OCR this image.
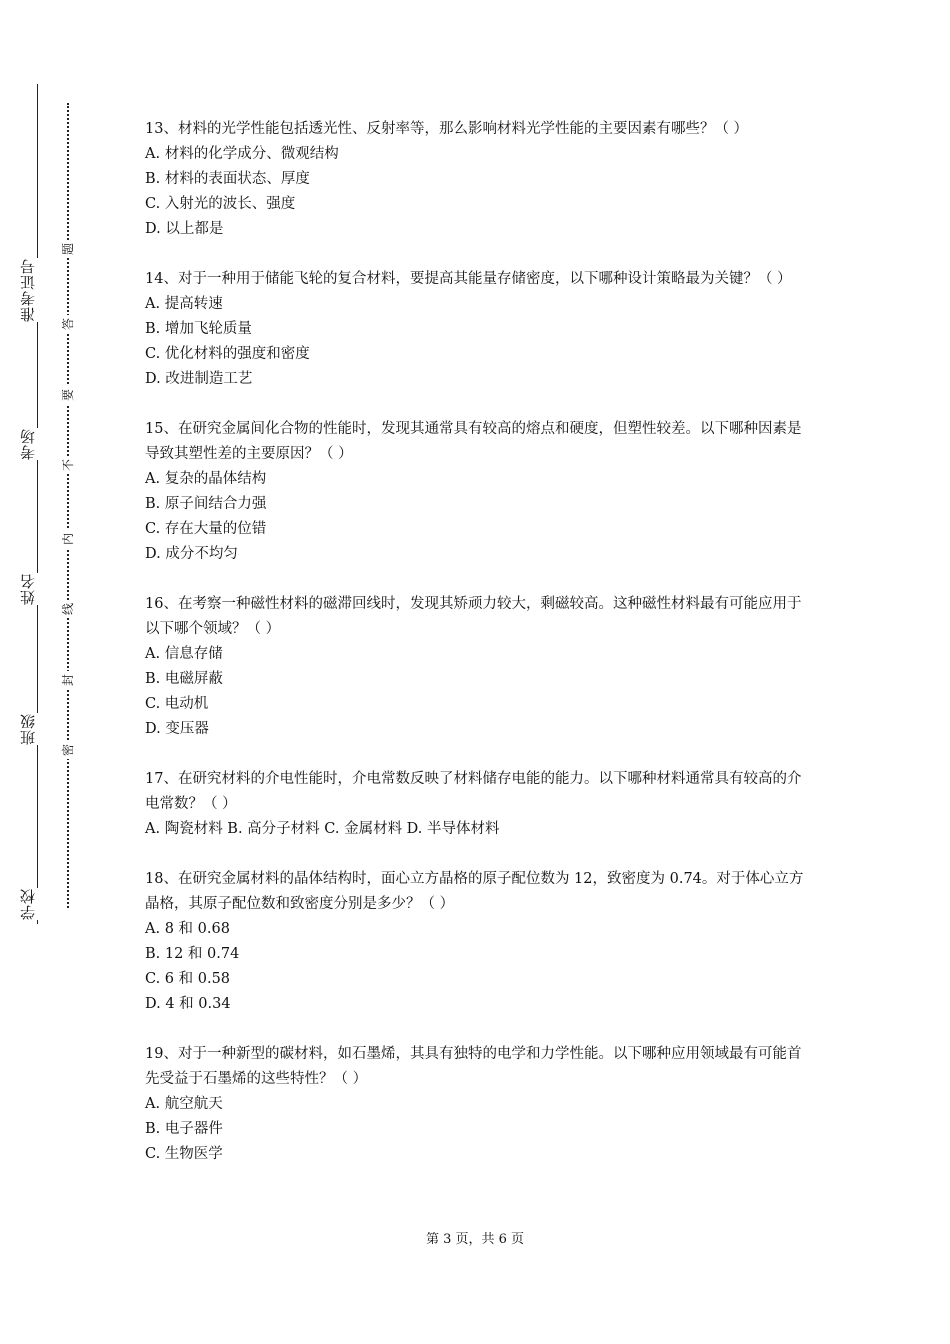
准考证号
考场
姓名
班级
学校
题
答
要
不
内
线
封
密
13、材料的光学性能包括透光性、反射率等，那么影响材料光学性能的主要因素有哪些？（ ）
A. 材料的化学成分、微观结构
B. 材料的表面状态、厚度
C. 入射光的波长、强度
D. 以上都是
14、对于一种用于储能飞轮的复合材料，要提高其能量存储密度，以下哪种设计策略最为关键？（ ）
A. 提高转速
B. 增加飞轮质量
C. 优化材料的强度和密度
D. 改进制造工艺
15、在研究金属间化合物的性能时，发现其通常具有较高的熔点和硬度，但塑性较差。以下哪种因素是导致其塑性差的主要原因？（ ）
A. 复杂的晶体结构
B. 原子间结合力强
C. 存在大量的位错
D. 成分不均匀
16、在考察一种磁性材料的磁滞回线时，发现其矫顽力较大，剩磁较高。这种磁性材料最有可能应用于以下哪个领域？（ ）
A. 信息存储
B. 电磁屏蔽
C. 电动机
D. 变压器
17、在研究材料的介电性能时，介电常数反映了材料储存电能的能力。以下哪种材料通常具有较高的介电常数？（ ）
A. 陶瓷材料 B. 高分子材料 C. 金属材料 D. 半导体材料
18、在研究金属材料的晶体结构时，面心立方晶格的原子配位数为 12，致密度为 0.74。对于体心立方晶格，其原子配位数和致密度分别是多少？（ ）
A. 8 和 0.68
B. 12 和 0.74
C. 6 和 0.58
D. 4 和 0.34
19、对于一种新型的碳材料，如石墨烯，其具有独特的电学和力学性能。以下哪种应用领域最有可能首先受益于石墨烯的这些特性？（ ）
A. 航空航天
B. 电子器件
C. 生物医学
第 3 页，共 6 页
